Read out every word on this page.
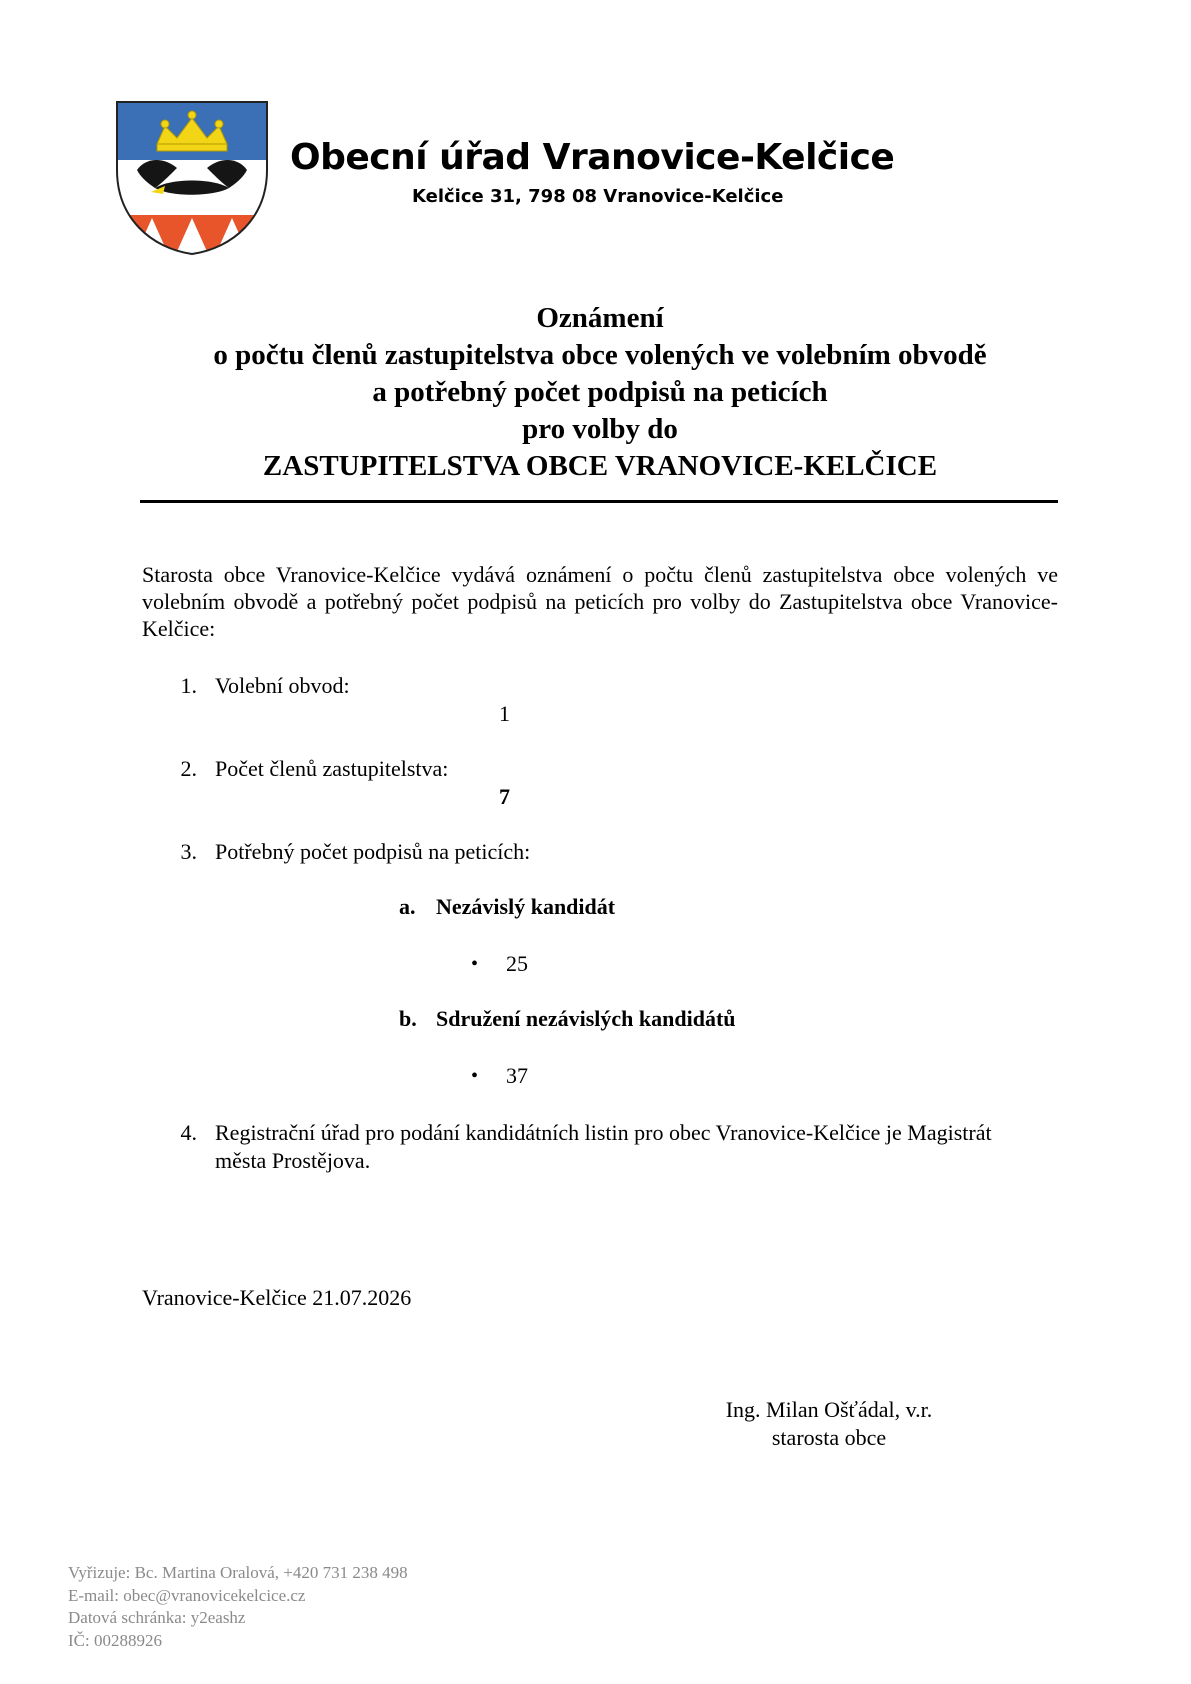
Obecní úřad Vranovice-Kelčice
Kelčice 31, 798 08 Vranovice-Kelčice
Oznámení
o počtu členů zastupitelstva obce volených ve volebním obvodě
a potřebný počet podpisů na peticích
pro volby do
ZASTUPITELSTVA OBCE VRANOVICE-KELČICE
Starosta obce Vranovice-Kelčice vydává oznámení o počtu členů zastupitelstva obce volených ve volebním obvodě a potřebný počet podpisů na peticích pro volby do Zastupitelstva obce Vranovice-Kelčice:
1. Volební obvod:
1
2. Počet členů zastupitelstva:
7
3. Potřebný počet podpisů na peticích:
a. Nezávislý kandidát
• 25
b. Sdružení nezávislých kandidátů
• 37
4. Registrační úřad pro podání kandidátních listin pro obec Vranovice-Kelčice je Magistrát
města Prostějova.
Vranovice-Kelčice 21.07.2026
Ing. Milan Ošťádal, v.r.
starosta obce
Vyřizuje: Bc. Martina Oralová, +420 731 238 498
E-mail: obec@vranovicekelcice.cz
Datová schránka: y2eashz
IČ: 00288926
